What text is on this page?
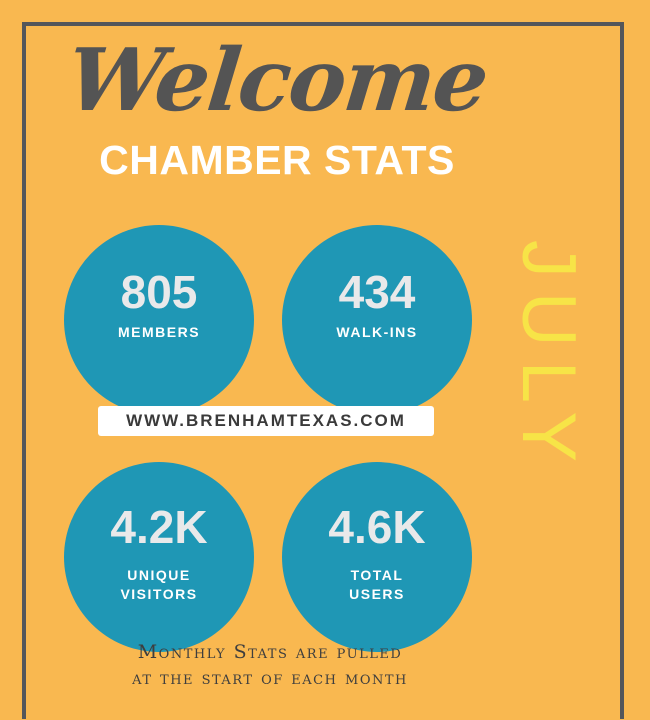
Welcome
CHAMBER STATS
805
MEMBERS
434
WALK-INS
WWW.BRENHAMTEXAS.COM
4.2K
UNIQUE
VISITORS
4.6K
TOTAL
USERS
JULY
Monthly Stats are pulled
at the start of each month
